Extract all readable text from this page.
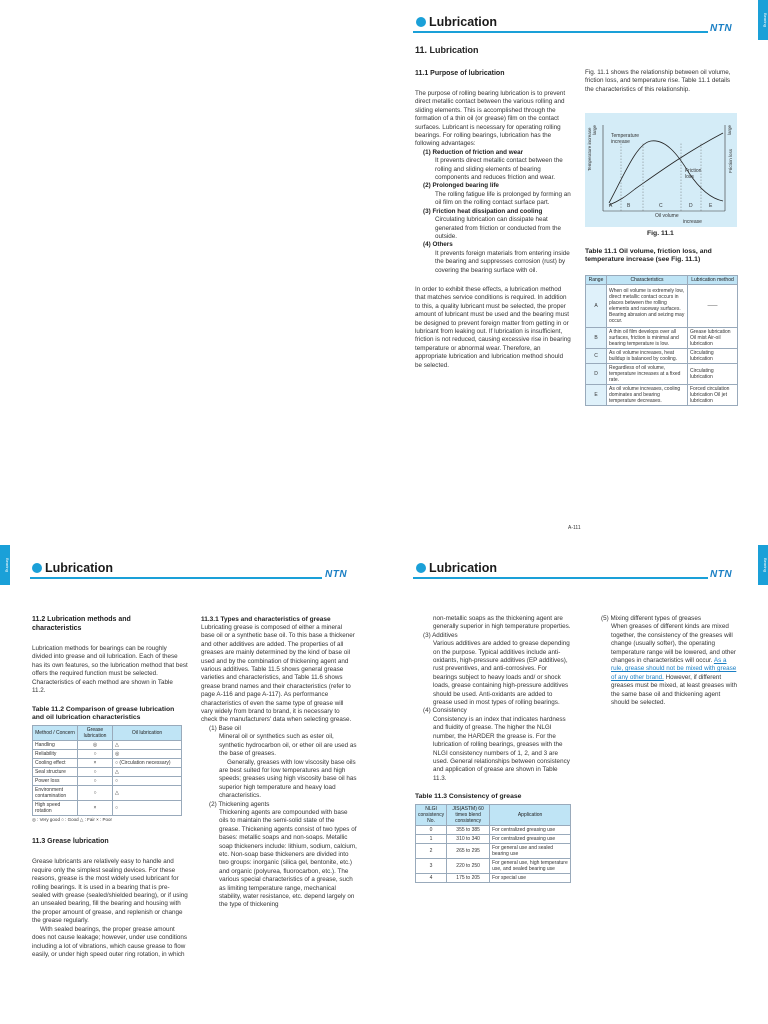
Bearing
Lubrication	NTN
11. Lubrication
11.1 Purpose of lubrication

The purpose of rolling bearing lubrication is to prevent direct metallic contact between the various rolling and sliding elements. This is accomplished through the formation of a thin oil (or grease) film on the contact surfaces. Lubricant is necessary for operating rolling bearings. For rolling bearings, lubrication has the following advantages:

(1) Reduction of friction and wear
It prevents direct metallic contact between the rolling and sliding elements of bearing components and reduces friction and wear.
(2) Prolonged bearing life
The rolling fatigue life is prolonged by forming an oil film on the rolling contact surface part.
(3) Friction heat dissipation and cooling
Circulating lubrication can dissipate heat generated from friction or conducted from the outside.
(4) Others
It prevents foreign materials from entering inside the bearing and suppresses corrosion (rust) by covering the bearing surface with oil.

In order to exhibit these effects, a lubrication method that matches service conditions is required. In addition to this, a quality lubricant must be selected, the proper amount of lubricant must be used and the bearing must be designed to prevent foreign matter from getting in or lubricant from leaking out. If lubrication is insufficient, friction is not reduced, causing excessive rise in bearing temperature or abnormal wear. Therefore, an appropriate lubrication and lubrication method should be selected.

Fig. 11.1 shows the relationship between oil volume, friction loss, and temperature rise. Table 11.1 details the characteristics of this relationship.

Temperature increase	Friction loss
large	large
Temperature increase
Friction loss
A	B	C	D	E
Oil volume
increase
Fig. 11.1
Table 11.1 Oil volume, friction loss, and temperature increase (see Fig. 11.1)
Range	Characteristics	Lubrication method
A	When oil volume is extremely low, direct metallic contact occurs in places between the rolling elements and raceway surfaces. Bearing abrasion and seizing may occur.	——
B	A thin oil film develops over all surfaces, friction is minimal and bearing temperature is low.	Grease lubrication Oil mist Air-oil lubrication
C	As oil volume increases, heat buildup is balanced by cooling.	Circulating lubrication
D	Regardless of oil volume, temperature increases at a fixed rate.	Circulating lubrication
E	As oil volume increases, cooling dominates and bearing temperature decreases.	Forced circulation lubrication Oil jet lubrication
A-111
Bearing	Lubrication	NTN
11.2 Lubrication methods and characteristics

Lubrication methods for bearings can be roughly divided into grease and oil lubrication. Each of these has its own features, so the lubrication method that best offers the required function must be selected. Characteristics of each method are shown in Table 11.2.

Table 11.2 Comparison of grease lubrication and oil lubrication characteristics
Method / Concern	Grease lubrication	Oil lubrication
Handling	◎	△
Reliability	○	◎
Cooling effect	×	○ (Circulation necessary)
Seal structure	○	△
Power loss	○	○
Environment contamination	○	△
High speed rotation	×	○
◎ : Very good ○ : Good △ : Fair × : Poor
11.3 Grease lubrication

Grease lubricants are relatively easy to handle and require only the simplest sealing devices. For these reasons, grease is the most widely used lubricant for rolling bearings. It is used in a bearing that is pre-sealed with grease (sealed/shielded bearing), or if using an unsealed bearing, fill the bearing and housing with the proper amount of grease, and replenish or change the grease regularly.

With sealed bearings, the proper grease amount does not cause leakage; however, under use conditions including a lot of vibrations, which cause grease to flow easily, or under high speed outer ring rotation, in which

11.3.1 Types and characteristics of grease

Lubricating grease is composed of either a mineral base oil or a synthetic base oil. To this base a thickener and other additives are added. The properties of all greases are mainly determined by the kind of base oil used and by the combination of thickening agent and various additives. Table 11.5 shows general grease varieties and characteristics, and Table 11.6 shows grease brand names and their characteristics (refer to page A-116 and page A-117). As performance characteristics of even the same type of grease will vary widely from brand to brand, it is necessary to check the manufacturers' data when selecting grease.

(1) Base oil
Mineral oil or synthetics such as ester oil, synthetic hydrocarbon oil, or ether oil are used as the base of greases.
Generally, greases with low viscosity base oils are best suited for low temperatures and high speeds; greases using high viscosity base oil has superior high temperature and heavy load characteristics.
(2) Thickening agents
Thickening agents are compounded with base oils to maintain the semi-solid state of the grease. Thickening agents consist of two types of bases: metallic soaps and non-soaps. Metallic soap thickeners include: lithium, sodium, calcium, etc. Non-soap base thickeners are divided into two groups: inorganic (silica gel, bentonite, etc.) and organic (polyurea, fluorocarbon, etc.). The various special characteristics of a grease, such as limiting temperature range, mechanical stability, water resistance, etc. depend largely on the type of thickening
Bearing
Lubrication	NTN
non-metallic soaps as the thickening agent are generally superior in high temperature properties.
(3) Additives
Various additives are added to grease depending on the purpose. Typical additives include anti-oxidants, high-pressure additives (EP additives), rust preventives, and anti-corrosives. For bearings subject to heavy loads and/ or shock loads, grease containing high-pressure additives should be used. Anti-oxidants are added to grease used in most types of rolling bearings.
(4) Consistency
Consistency is an index that indicates hardness and fluidity of grease. The higher the NLGI number, the HARDER the grease is. For the lubrication of rolling bearings, greases with the NLGI consistency numbers of 1, 2, and 3 are used. General relationships between consistency and application of grease are shown in Table 11.3.
Table 11.3 Consistency of grease
NLGI consistency No.	JIS(ASTM) 60 times blend consistency	Application
0	355 to 385	For centralized greasing use
1	310 to 340	For centralized greasing use
2	265 to 295	For general use and sealed bearing use
3	220 to 250	For general use, high temperature use, and sealed bearing use
4	175 to 205	For special use
(5) Mixing different types of greases
When greases of different kinds are mixed together, the consistency of the greases will change (usually softer), the operating temperature range will be lowered, and other changes in characteristics will occur. As a rule, grease should not be mixed with grease of any other brand. However, if different greases must be mixed, at least greases with the same base oil and thickening agent should be selected.
